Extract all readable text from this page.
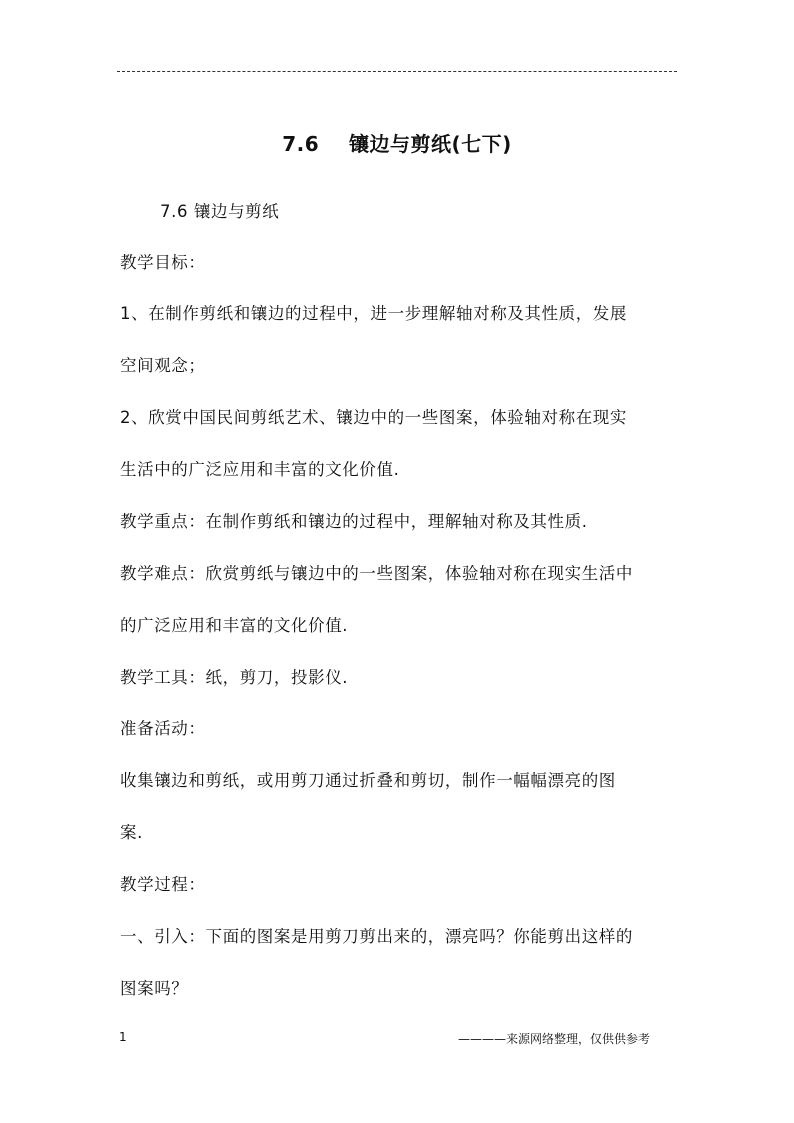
7.6    镶边与剪纸(七下)
7.6 镶边与剪纸
教学目标：
1、在制作剪纸和镶边的过程中，进一步理解轴对称及其性质，发展
空间观念；
2、欣赏中国民间剪纸艺术、镶边中的一些图案，体验轴对称在现实
生活中的广泛应用和丰富的文化价值.
教学重点：在制作剪纸和镶边的过程中，理解轴对称及其性质.
教学难点：欣赏剪纸与镶边中的一些图案，体验轴对称在现实生活中
的广泛应用和丰富的文化价值.
教学工具：纸，剪刀，投影仪.
准备活动：
收集镶边和剪纸，或用剪刀通过折叠和剪切，制作一幅幅漂亮的图
案.
教学过程：
一、引入：下面的图案是用剪刀剪出来的，漂亮吗？你能剪出这样的
图案吗？
1	————来源网络整理，仅供供参考
